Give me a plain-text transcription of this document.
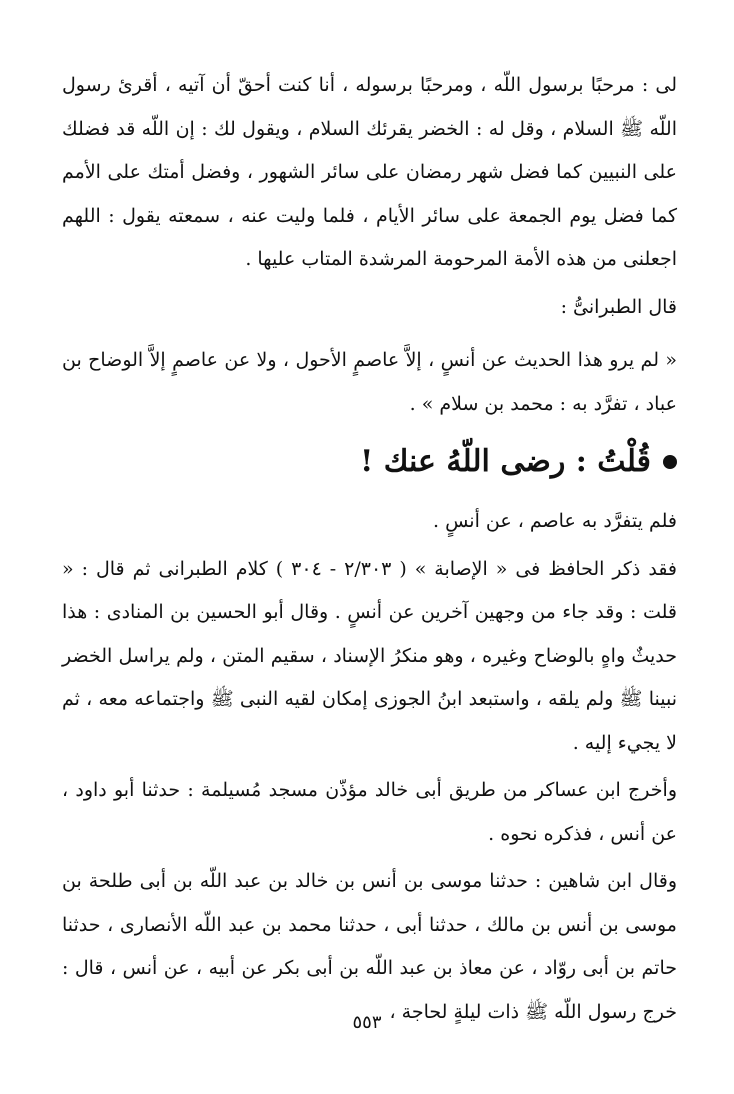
لى : مرحبًا برسول اللّه ، ومرحبًا برسوله ، أنا كنت أحقّ أن آتيه ، أقرئ رسول اللّه ﷺ السلام ، وقل له : الخضر يقرئك السلام ، ويقول لك : إن اللّه قد فضلك على النبيين كما فضل شهر رمضان على سائر الشهور ، وفضل أمتك على الأمم كما فضل يوم الجمعة على سائر الأيام ، فلما وليت عنه ، سمعته يقول : اللهم اجعلنى من هذه الأمة المرحومة المرشدة المتاب عليها .

قال الطبرانىُّ :

« لم يرو هذا الحديث عن أنسٍ ، إلاَّ عاصمٍ الأحول ، ولا عن عاصمٍ إلاَّ الوضاح بن عباد ، تفرَّد به : محمد بن سلام » .

قُلْتُ : رضى اللّهُ عنك !

فلم يتفرَّد به عاصم ، عن أنسٍ .

فقد ذكر الحافظ فى « الإصابة » ( ٢/٣٠٣ - ٣٠٤ ) كلام الطبرانى ثم قال : « قلت : وقد جاء من وجهين آخرين عن أنسٍ . وقال أبو الحسين بن المنادى : هذا حديثٌ واهٍ بالوضاح وغيره ، وهو منكرُ الإسناد ، سقيم المتن ، ولم يراسل الخضر نبينا ﷺ ولم يلقه ، واستبعد ابنُ الجوزى إمكان لقيه النبى ﷺ واجتماعه معه ، ثم لا يجيء إليه .

وأخرج ابن عساكر من طريق أبى خالد مؤذّن مسجد مُسيلمة : حدثنا أبو داود ، عن أنس ، فذكره نحوه .

وقال ابن شاهين : حدثنا موسى بن أنس بن خالد بن عبد اللّه بن أبى طلحة بن موسى بن أنس بن مالك ، حدثنا أبى ، حدثنا محمد بن عبد اللّه الأنصارى ، حدثنا حاتم بن أبى روّاد ، عن معاذ بن عبد اللّه بن أبى بكر عن أبيه ، عن أنس ، قال : خرج رسول اللّه ﷺ ذات ليلةٍ لحاجة ،

٥٥٣
